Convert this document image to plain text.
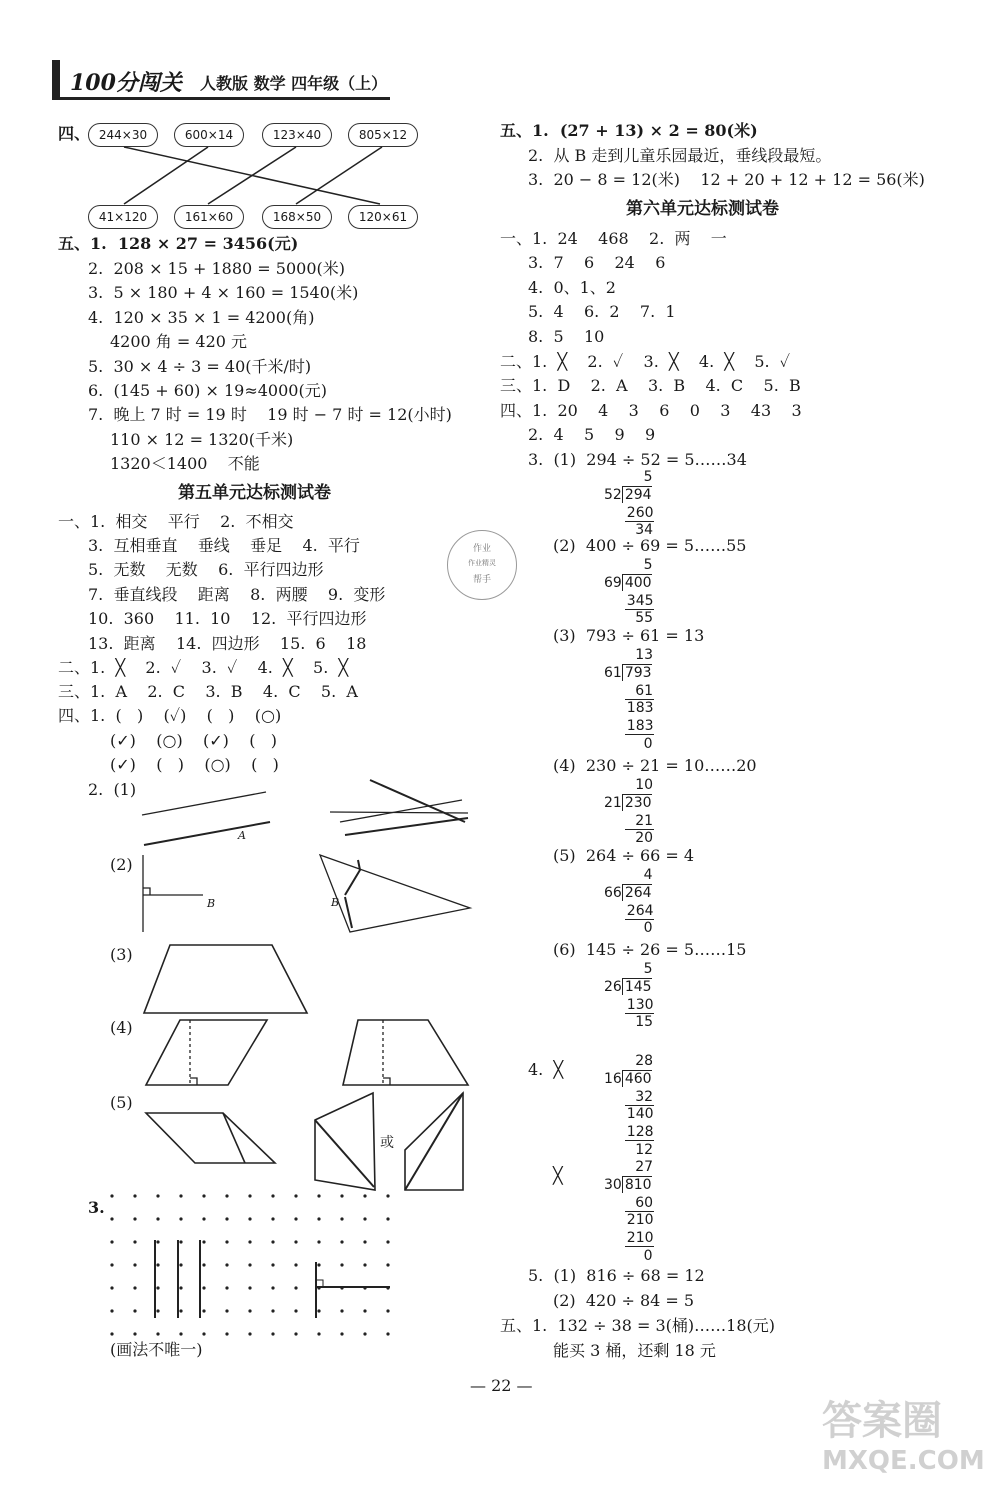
100分闯关 人教版 数学 四年级（上）
四、 244×30	600×14	123×40	805×12
41×120	161×60	168×50	120×61
五、1.  128 × 27 = 3456(元)
2.  208 × 15 + 1880 = 5000(米)
3.  5 × 180 + 4 × 160 = 1540(米)
4.  120 × 35 × 1 = 4200(角)
4200 角 = 420 元
5.  30 × 4 ÷ 3 = 40(千米/时)
6.  (145 + 60) × 19≈4000(元)
7.  晚上 7 时 = 19 时    19 时 − 7 时 = 12(小时)
110 × 12 = 1320(千米)
1320＜1400    不能
第五单元达标测试卷
一、1.  相交    平行    2.  不相交
3.  互相垂直    垂线    垂足    4.  平行
5.  无数    无数    6.  平行四边形
7.  垂直线段    距离    8.  两腰    9.  变形
10.  360    11.  10    12.  平行四边形
13.  距离    14.  四边形    15.  6    18
二、1.  ╳    2.  ✓    3.  ✓    4.  ╳    5.  ╳
三、1.  A    2.  C    3.  B    4.  C    5.  A
四、1.  (   )    (✓)    (   )    (○)
(✓)    (○)    (✓)    (   )
(✓)    (   )    (○)    (   )
2.  (1)
(2)
(3)
(4)
(5)
A
B	B
或
3.
(画法不唯一)
五、1.  (27 + 13) × 2 = 80(米)
2.  从 B 走到儿童乐园最近，垂线段最短。
3.  20 − 8 = 12(米)    12 + 20 + 12 + 12 = 56(米)
第六单元达标测试卷
一、1.  24    468    2.  两    一
3.  7    6    24    6
4.  0、1、2
5.  4    6.  2    7.  1
8.  5    10
二、1.  ╳    2.  ✓    3.  ╳    4.  ╳    5.  ✓
三、1.  D    2.  A    3.  B    4.  C    5.  B
四、1.  20    4    3    6    0    3    43    3
2.  4    5    9    9
3.  (1)  294 ÷ 52 = 5……34
5
52 294
260
34
(2)  400 ÷ 69 = 5……55
5
69 400
345
55
(3)  793 ÷ 61 = 13
13
61 793
61
183
183
0
(4)  230 ÷ 21 = 10……20
10
21 230
21
20
(5)  264 ÷ 66 = 4
4
66 264
264
0
(6)  145 ÷ 26 = 5……15
5
26 145
130
15
4.  ╳	28
16 460
32
140
128
12
╳	27
30 810
60
210
210
0
5.  (1)  816 ÷ 68 = 12
(2)  420 ÷ 84 = 5
五、1.  132 ÷ 38 = 3(桶)……18(元)
能买 3 桶，还剩 18 元
作业
作业精灵
帮手
— 22 —
答案圈
MXQE.COM
